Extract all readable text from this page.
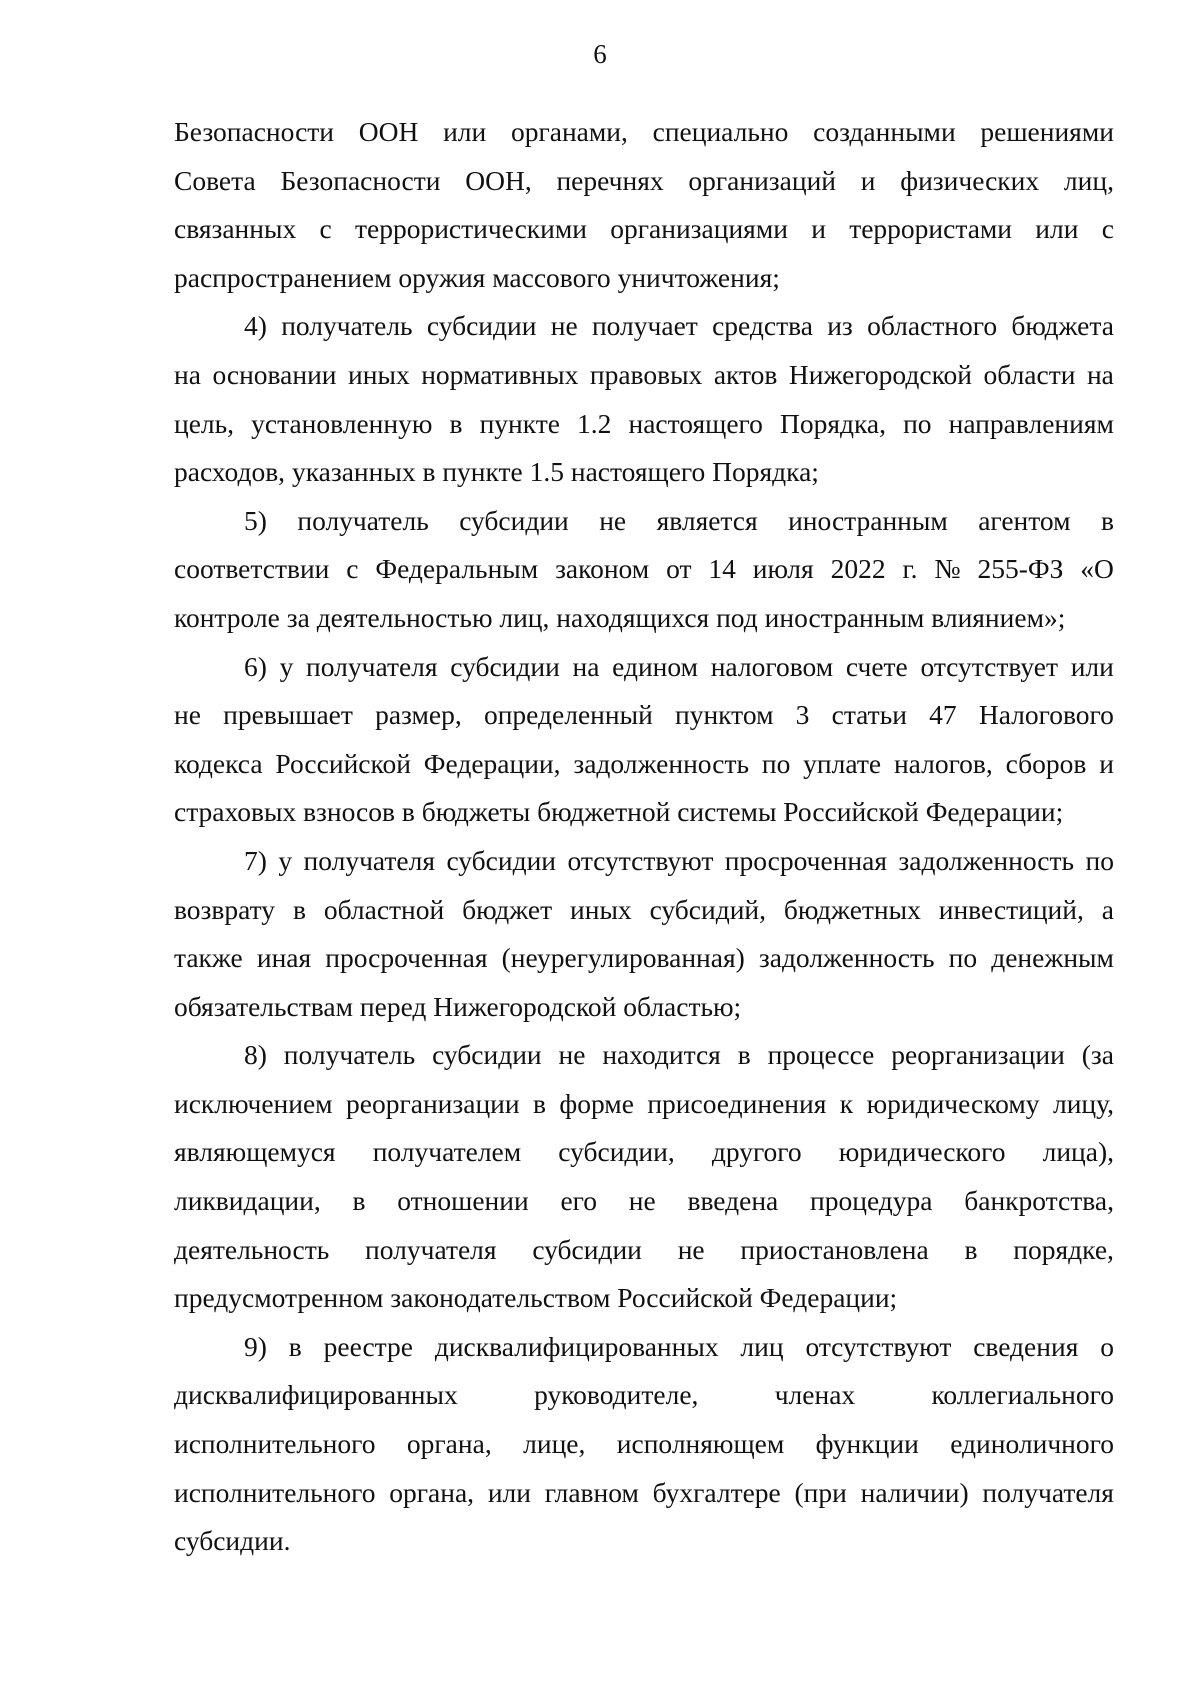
6
Безопасности ООН или органами, специально созданными решениями
Совета Безопасности ООН, перечнях организаций и физических лиц,
связанных с террористическими организациями и террористами или с
распространением оружия массового уничтожения;
4) получатель субсидии не получает средства из областного бюджета
на основании иных нормативных правовых актов Нижегородской области на
цель, установленную в пункте 1.2 настоящего Порядка, по направлениям
расходов, указанных в пункте 1.5 настоящего Порядка;
5) получатель субсидии не является иностранным агентом в
соответствии с Федеральным законом от 14 июля 2022 г. № 255-ФЗ «О
контроле за деятельностью лиц, находящихся под иностранным влиянием»;
6) у получателя субсидии на едином налоговом счете отсутствует или
не превышает размер, определенный пунктом 3 статьи 47 Налогового
кодекса Российской Федерации, задолженность по уплате налогов, сборов и
страховых взносов в бюджеты бюджетной системы Российской Федерации;
7) у получателя субсидии отсутствуют просроченная задолженность по
возврату в областной бюджет иных субсидий, бюджетных инвестиций, а
также иная просроченная (неурегулированная) задолженность по денежным
обязательствам перед Нижегородской областью;
8) получатель субсидии не находится в процессе реорганизации (за
исключением реорганизации в форме присоединения к юридическому лицу,
являющемуся получателем субсидии, другого юридического лица),
ликвидации, в отношении его не введена процедура банкротства,
деятельность получателя субсидии не приостановлена в порядке,
предусмотренном законодательством Российской Федерации;
9) в реестре дисквалифицированных лиц отсутствуют сведения о
дисквалифицированных	руководителе,	членах	коллегиального
исполнительного органа, лице, исполняющем функции единоличного
исполнительного органа, или главном бухгалтере (при наличии) получателя
субсидии.
